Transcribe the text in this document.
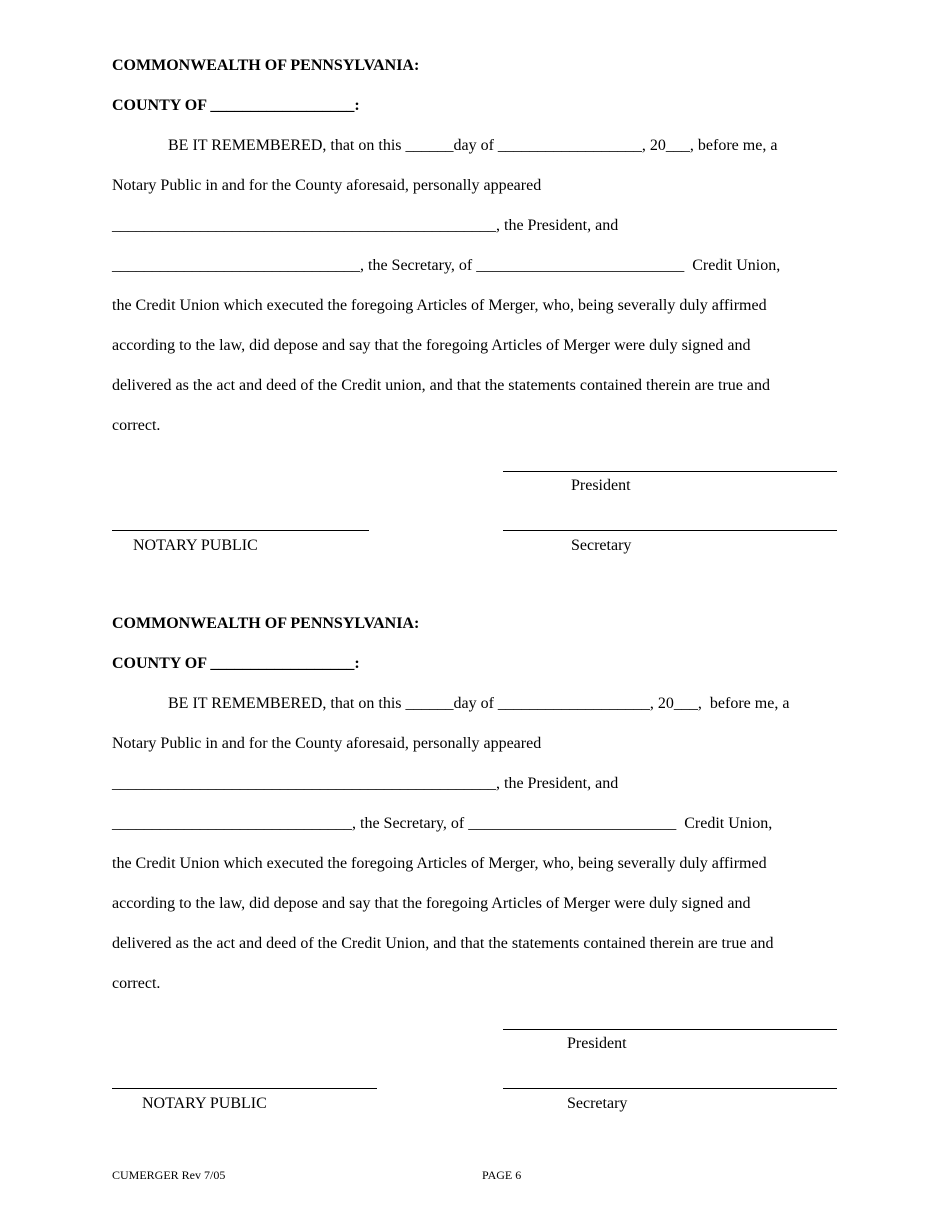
COMMONWEALTH OF PENNSYLVANIA:
COUNTY OF __________________:
BE IT REMEMBERED, that on this ______day of __________________, 20___, before me, a
Notary Public in and for the County aforesaid, personally appeared
________________________________________________, the President, and
_______________________________, the Secretary, of __________________________  Credit Union,
the Credit Union which executed the foregoing Articles of Merger, who, being severally duly affirmed
according to the law, did depose and say that the foregoing Articles of Merger were duly signed and
delivered as the act and deed of the Credit union, and that the statements contained therein are true and
correct.
President
NOTARY PUBLIC	Secretary
COMMONWEALTH OF PENNSYLVANIA:
COUNTY OF __________________:
BE IT REMEMBERED, that on this ______day of ___________________, 20___,  before me, a
Notary Public in and for the County aforesaid, personally appeared
________________________________________________, the President, and
______________________________, the Secretary, of __________________________  Credit Union,
the Credit Union which executed the foregoing Articles of Merger, who, being severally duly affirmed
according to the law, did depose and say that the foregoing Articles of Merger were duly signed and
delivered as the act and deed of the Credit Union, and that the statements contained therein are true and
correct.
President
NOTARY PUBLIC	Secretary
CUMERGER Rev 7/05	PAGE 6
